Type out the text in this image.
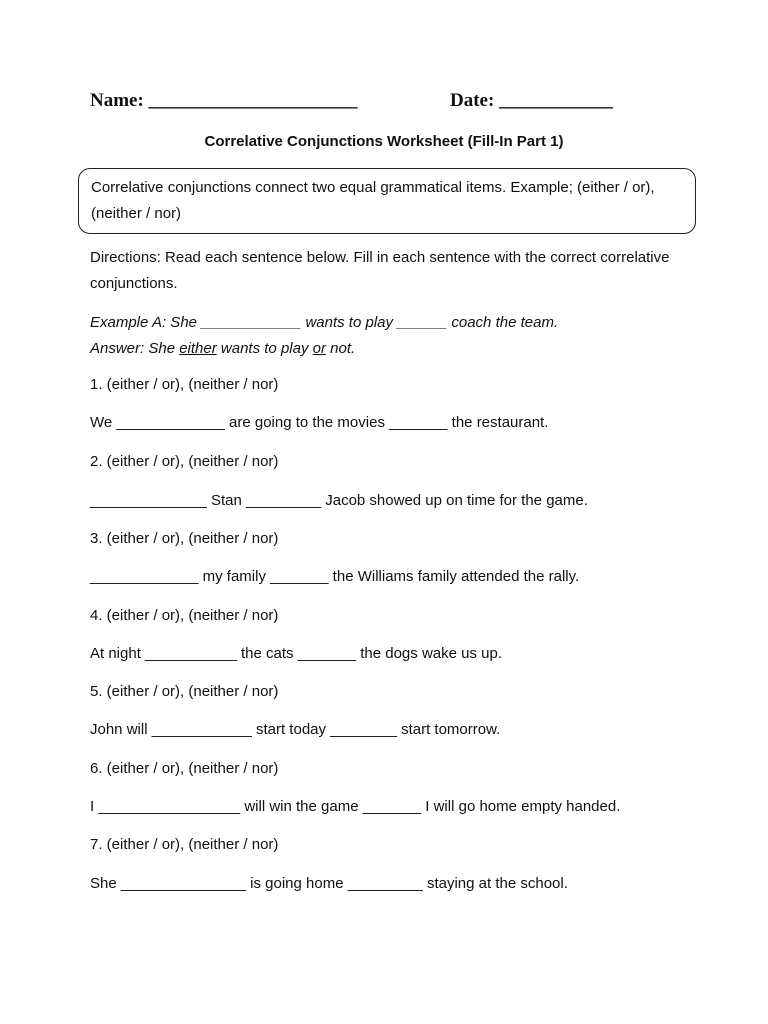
Name: ______________________	Date: ____________
Correlative Conjunctions Worksheet (Fill-In Part 1)
Correlative conjunctions connect two equal grammatical items. Example; (either / or), (neither / nor)
Directions: Read each sentence below. Fill in each sentence with the correct correlative conjunctions.
Example A: She ____________ wants to play ______ coach the team.
Answer: She either wants to play or not.
1. (either / or), (neither / nor)
We _____________ are going to the movies _______ the restaurant.
2. (either / or), (neither / nor)
______________ Stan _________ Jacob showed up on time for the game.
3. (either / or), (neither / nor)
_____________ my family _______ the Williams family attended the rally.
4. (either / or), (neither / nor)
At night ___________ the cats _______ the dogs wake us up.
5. (either / or), (neither / nor)
John will ____________ start today ________ start tomorrow.
6. (either / or), (neither / nor)
I _________________ will win the game _______ I will go home empty handed.
7. (either / or), (neither / nor)
She _______________ is going home _________ staying at the school.
